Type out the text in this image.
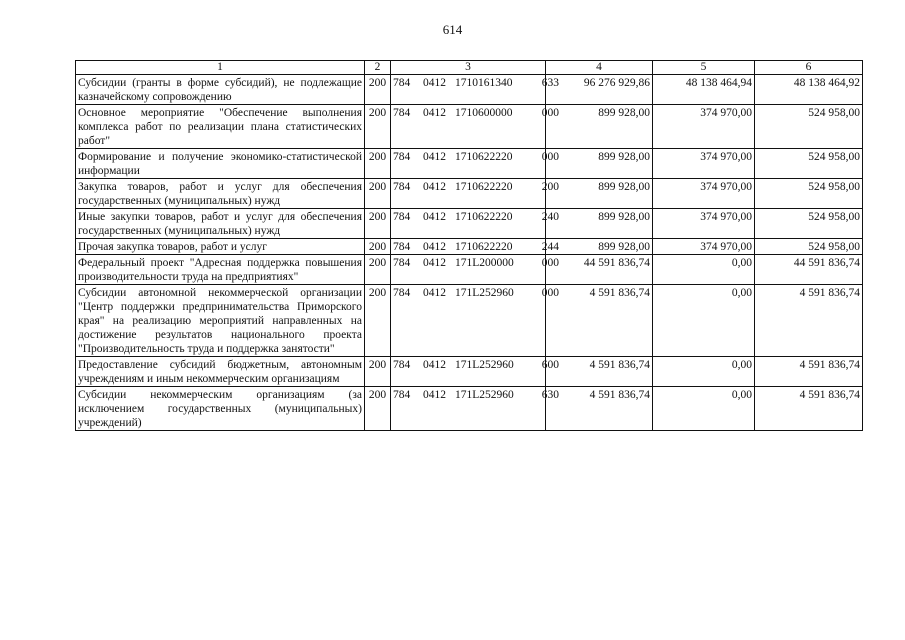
614
1	2	3	4	5	6
Субсидии (гранты в форме субсидий), не подлежащие казначейскому сопровождению	200	784 0412 1710161340 633	96 276 929,86	48 138 464,94	48 138 464,92
Основное мероприятие "Обеспечение выполнения комплекса работ по реализации плана статистических работ"	200	784 0412 1710600000 000	899 928,00	374 970,00	524 958,00
Формирование и получение экономико-статистической информации	200	784 0412 1710622220 000	899 928,00	374 970,00	524 958,00
Закупка товаров, работ и услуг для обеспечения государственных (муниципальных) нужд	200	784 0412 1710622220 200	899 928,00	374 970,00	524 958,00
Иные закупки товаров, работ и услуг для обеспечения государственных (муниципальных) нужд	200	784 0412 1710622220 240	899 928,00	374 970,00	524 958,00
Прочая закупка товаров, работ и услуг	200	784 0412 1710622220 244	899 928,00	374 970,00	524 958,00
Федеральный проект "Адресная поддержка повышения производительности труда на предприятиях"	200	784 0412 171L200000 000	44 591 836,74	0,00	44 591 836,74
Субсидии автономной некоммерческой организации "Центр поддержки предпринимательства Приморского края" на реализацию мероприятий направленных на достижение результатов национального проекта "Производительность труда и поддержка занятости"	200	784 0412 171L252960 000	4 591 836,74	0,00	4 591 836,74
Предоставление субсидий бюджетным, автономным учреждениям и иным некоммерческим организациям	200	784 0412 171L252960 600	4 591 836,74	0,00	4 591 836,74
Субсидии некоммерческим организациям (за исключением государственных (муниципальных) учреждений)	200	784 0412 171L252960 630	4 591 836,74	0,00	4 591 836,74
